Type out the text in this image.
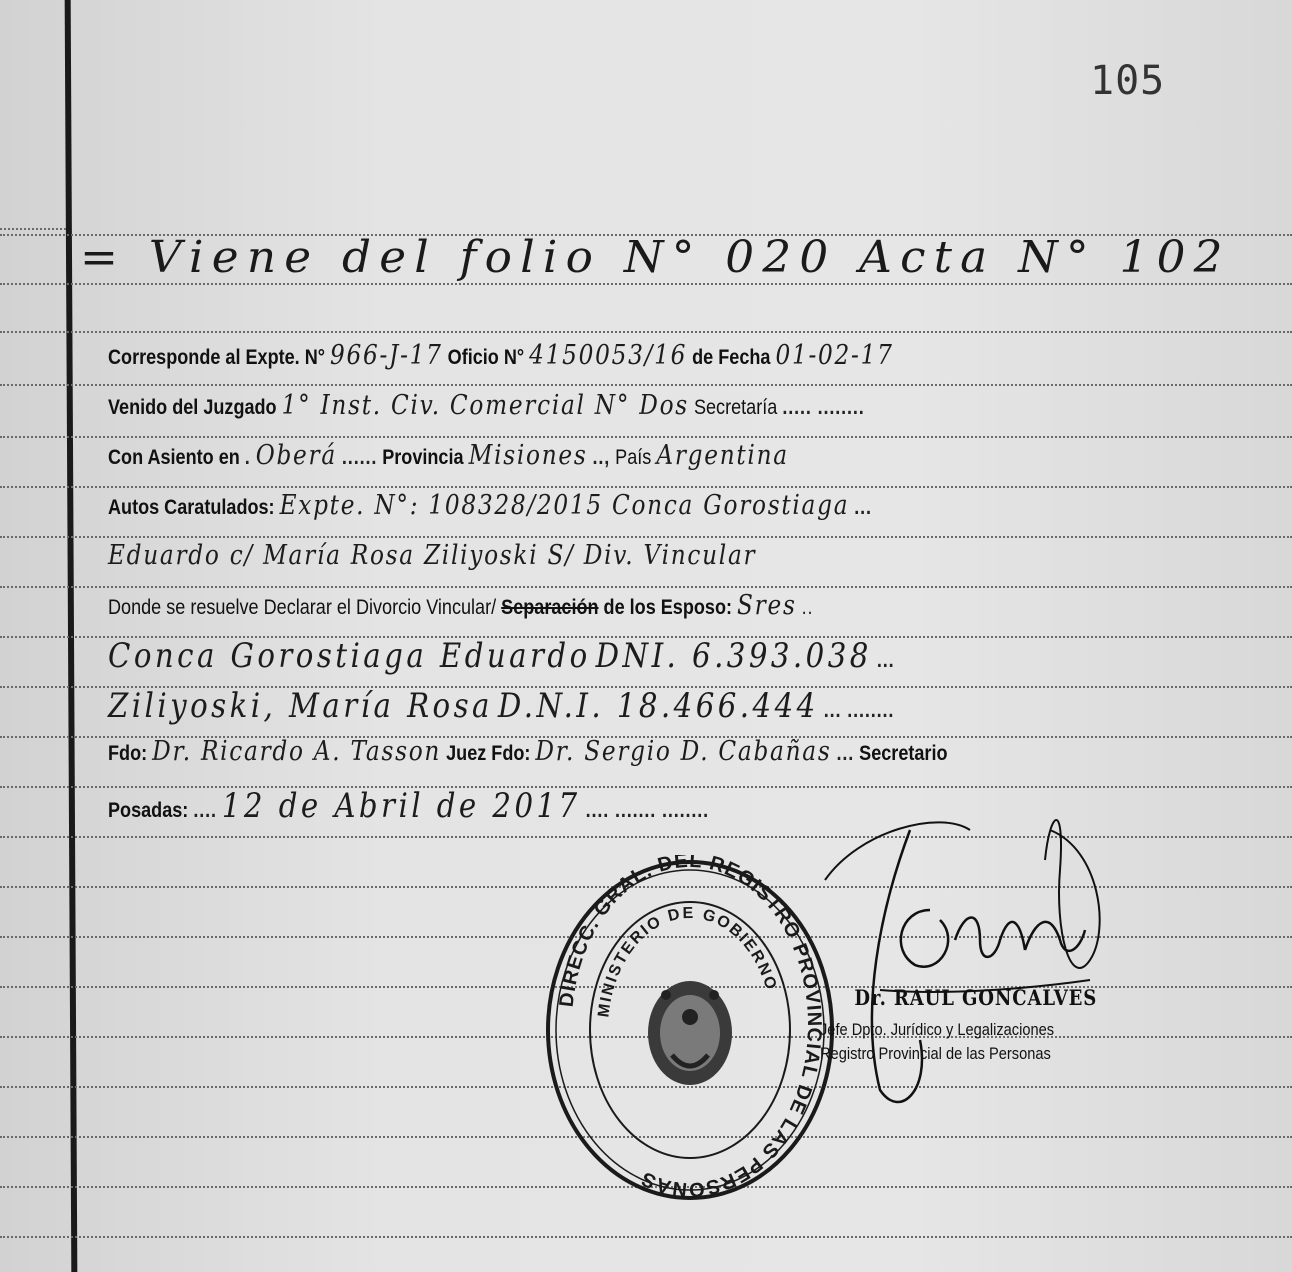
105
= Viene del folio N° 020 Acta N° 102
Corresponde al Expte. N° 966-J-17 Oficio N° 4150053/16 de Fecha 01-02-17
Venido del Juzgado 1° Inst. Civ. Comercial N° Dos Secretaría ..... ........
Con Asiento en . Oberá ...... Provincia Misiones .., País Argentina
Autos Caratulados: Expte. N°: 108328/2015 Conca Gorostiaga ...
Eduardo c/ María Rosa Ziliyoski S/ Div. Vincular
Donde se resuelve Declarar el Divorcio Vincular/ Separación de los Esposo: Sres ..
Conca Gorostiaga Eduardo DNI. 6.393.038 ...
Ziliyoski, María Rosa D.N.I. 18.466.444 ... ........
Fdo: Dr. Ricardo A. Tasson Juez Fdo: Dr. Sergio D. Cabañas ... Secretario
Posadas: .... 12 de Abril de 2017 .... ....... ........
DIRECC. GRAL. DEL REGISTRO PROVINCIAL DE LAS PERSONAS
MINISTERIO DE GOBIERNO
Dr. RAUL GONCALVES
Jefe Dpto. Jurídico y Legalizaciones
Registro Provincial de las Personas
